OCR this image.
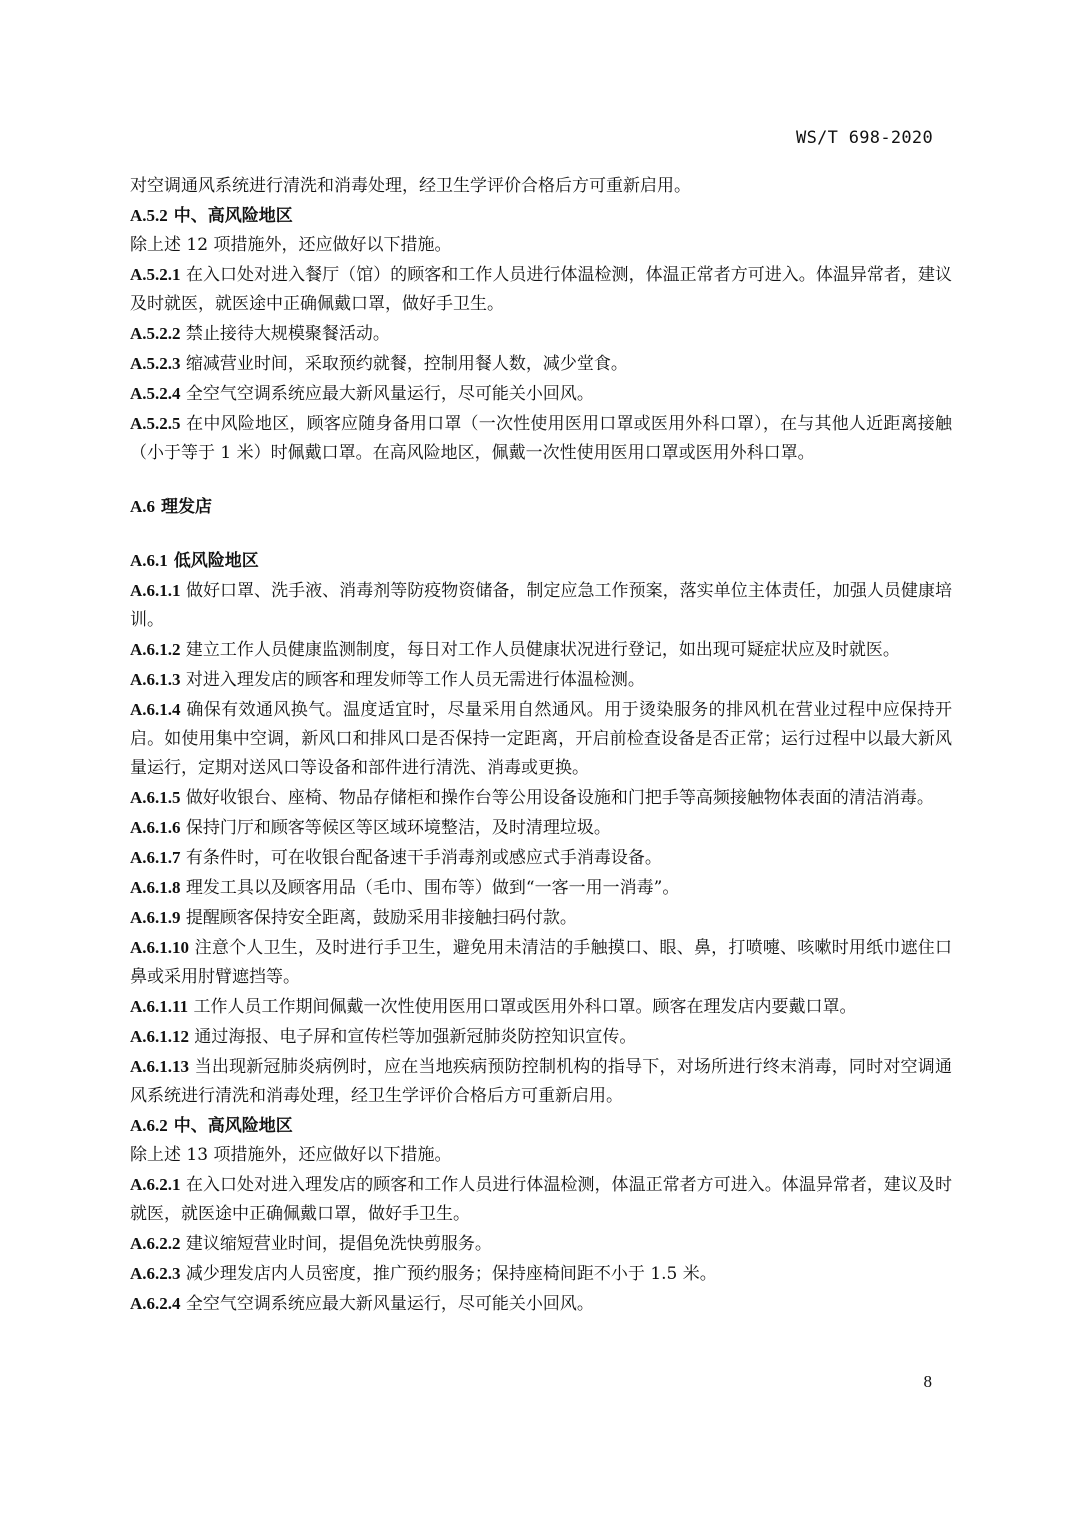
WS/T 698-2020

对空调通风系统进行清洗和消毒处理，经卫生学评价合格后方可重新启用。

A.5.2 中、高风险地区

除上述 12 项措施外，还应做好以下措施。

A.5.2.1 在入口处对进入餐厅（馆）的顾客和工作人员进行体温检测，体温正常者方可进入。体温异常者，建议及时就医，就医途中正确佩戴口罩，做好手卫生。

A.5.2.2 禁止接待大规模聚餐活动。

A.5.2.3 缩减营业时间，采取预约就餐，控制用餐人数，减少堂食。

A.5.2.4 全空气空调系统应最大新风量运行，尽可能关小回风。

A.5.2.5 在中风险地区，顾客应随身备用口罩（一次性使用医用口罩或医用外科口罩），在与其他人近距离接触（小于等于 1 米）时佩戴口罩。在高风险地区，佩戴一次性使用医用口罩或医用外科口罩。

A.6 理发店

A.6.1 低风险地区

A.6.1.1 做好口罩、洗手液、消毒剂等防疫物资储备，制定应急工作预案，落实单位主体责任，加强人员健康培训。

A.6.1.2 建立工作人员健康监测制度，每日对工作人员健康状况进行登记，如出现可疑症状应及时就医。

A.6.1.3 对进入理发店的顾客和理发师等工作人员无需进行体温检测。

A.6.1.4 确保有效通风换气。温度适宜时，尽量采用自然通风。用于烫染服务的排风机在营业过程中应保持开启。如使用集中空调，新风口和排风口是否保持一定距离，开启前检查设备是否正常；运行过程中以最大新风量运行，定期对送风口等设备和部件进行清洗、消毒或更换。

A.6.1.5 做好收银台、座椅、物品存储柜和操作台等公用设备设施和门把手等高频接触物体表面的清洁消毒。

A.6.1.6 保持门厅和顾客等候区等区域环境整洁，及时清理垃圾。

A.6.1.7 有条件时，可在收银台配备速干手消毒剂或感应式手消毒设备。

A.6.1.8 理发工具以及顾客用品（毛巾、围布等）做到“一客一用一消毒”。

A.6.1.9 提醒顾客保持安全距离，鼓励采用非接触扫码付款。

A.6.1.10 注意个人卫生，及时进行手卫生，避免用未清洁的手触摸口、眼、鼻，打喷嚏、咳嗽时用纸巾遮住口鼻或采用肘臂遮挡等。

A.6.1.11 工作人员工作期间佩戴一次性使用医用口罩或医用外科口罩。顾客在理发店内要戴口罩。

A.6.1.12 通过海报、电子屏和宣传栏等加强新冠肺炎防控知识宣传。

A.6.1.13 当出现新冠肺炎病例时，应在当地疾病预防控制机构的指导下，对场所进行终末消毒，同时对空调通风系统进行清洗和消毒处理，经卫生学评价合格后方可重新启用。

A.6.2 中、高风险地区

除上述 13 项措施外，还应做好以下措施。

A.6.2.1 在入口处对进入理发店的顾客和工作人员进行体温检测，体温正常者方可进入。体温异常者，建议及时就医，就医途中正确佩戴口罩，做好手卫生。

A.6.2.2 建议缩短营业时间，提倡免洗快剪服务。

A.6.2.3 减少理发店内人员密度，推广预约服务；保持座椅间距不小于 1.5 米。

A.6.2.4 全空气空调系统应最大新风量运行，尽可能关小回风。

8
